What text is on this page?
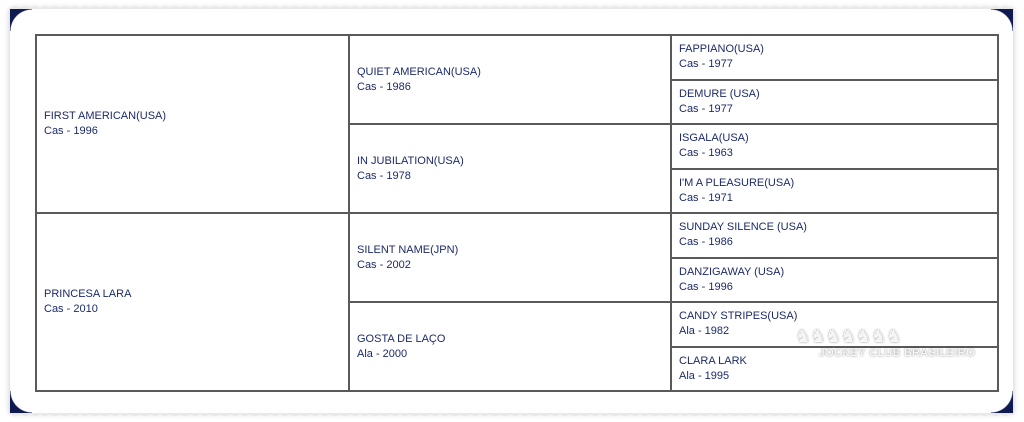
FIRST AMERICAN(USA)
Cas - 1996	QUIET AMERICAN(USA)
Cas - 1986	FAPPIANO(USA)
Cas - 1977

		DEMURE (USA)
Cas - 1977

	IN JUBILATION(USA)
Cas - 1978	ISGALA(USA)
Cas - 1963

		I'M A PLEASURE(USA)
Cas - 1971

PRINCESA LARA
Cas - 2010	SILENT NAME(JPN)
Cas - 2002	SUNDAY SILENCE (USA)
Cas - 1986

		DANZIGAWAY (USA)
Cas - 1996

	GOSTA DE LAÇO
Ala - 2000	CANDY STRIPES(USA)
Ala - 1982

		CLARA LARK
Ala - 1995
♞♞♞♞♞♞♞
JOCKEY CLUB BRASILEIRO
